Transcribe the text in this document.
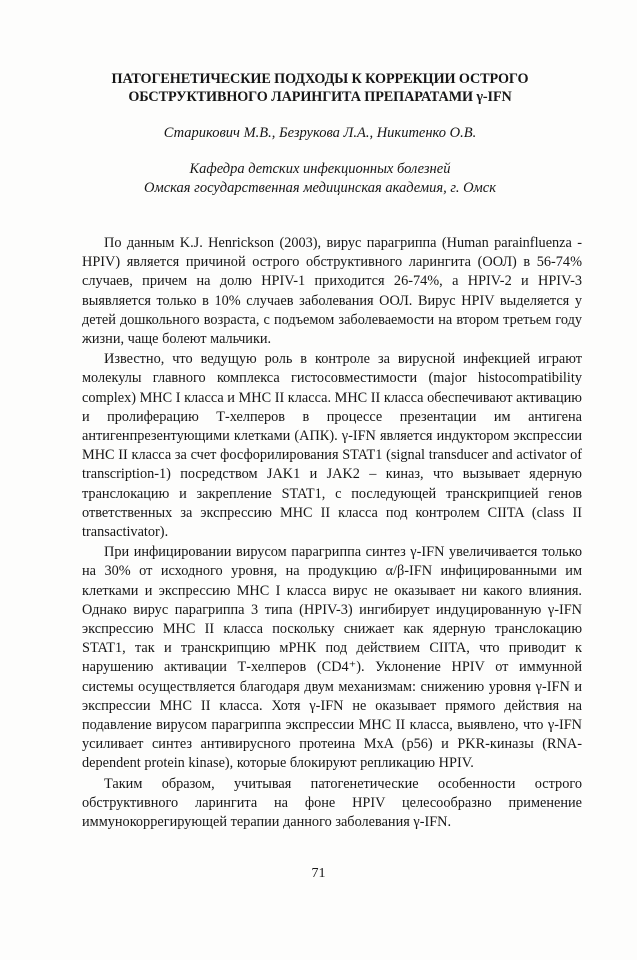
ПАТОГЕНЕТИЧЕСКИЕ ПОДХОДЫ К КОРРЕКЦИИ ОСТРОГО ОБСТРУКТИВНОГО ЛАРИНГИТА ПРЕПАРАТАМИ γ-IFN
Старикович М.В., Безрукова Л.А., Никитенко О.В.
Кафедра детских инфекционных болезней
Омская государственная медицинская академия, г. Омск

По данным K.J. Henrickson (2003), вирус парагриппа (Human parainfluenza - HPIV) является причиной острого обструктивного ларингита (ООЛ) в 56-74% случаев, причем на долю HPIV-1 приходится 26-74%, а HPIV-2 и HPIV-3 выявляется только в 10% случаев заболевания ООЛ. Вирус HPIV выделяется у детей дошкольного возраста, с подъемом заболеваемости на втором третьем году жизни, чаще болеют мальчики.

Известно, что ведущую роль в контроле за вирусной инфекцией играют молекулы главного комплекса гистосовместимости (major histocompatibility complex) МНС I класса и МНС II класса. МНС II класса обеспечивают активацию и пролиферацию Т-хелперов в процессе презентации им антигена антигенпрезентующими клетками (АПК). γ-IFN является индуктором экспрессии МНС II класса за счет фосфорилирования STAT1 (signal transducer and activator of transcription-1) посредством JAK1 и JAK2 – киназ, что вызывает ядерную транслокацию и закрепление STAT1, с последующей транскрипцией генов ответственных за экспрессию МНС II класса под контролем CIITA (class II transactivator).

При инфицировании вирусом парагриппа синтез γ-IFN увеличивается только на 30% от исходного уровня, на продукцию α/β-IFN инфицированными им клетками и экспрессию МНС I класса вирус не оказывает ни какого влияния. Однако вирус парагриппа 3 типа (HPIV-3) ингибирует индуцированную γ-IFN экспрессию МНС II класса поскольку снижает как ядерную транслокацию STAT1, так и транскрипцию мРНК под действием CIITA, что приводит к нарушению активации Т-хелперов (CD4⁺). Уклонение HPIV от иммунной системы осуществляется благодаря двум механизмам: снижению уровня γ-IFN и экспрессии МНС II класса. Хотя γ-IFN не оказывает прямого действия на подавление вирусом парагриппа экспрессии МНС II класса, выявлено, что γ-IFN усиливает синтез антивирусного протеина MxA (p56) и PKR-киназы (RNA-dependent protein kinase), которые блокируют репликацию HPIV.

Таким образом, учитывая патогенетические особенности острого обструктивного ларингита на фоне HPIV целесообразно применение иммунокоррегирующей терапии данного заболевания γ-IFN.

71
